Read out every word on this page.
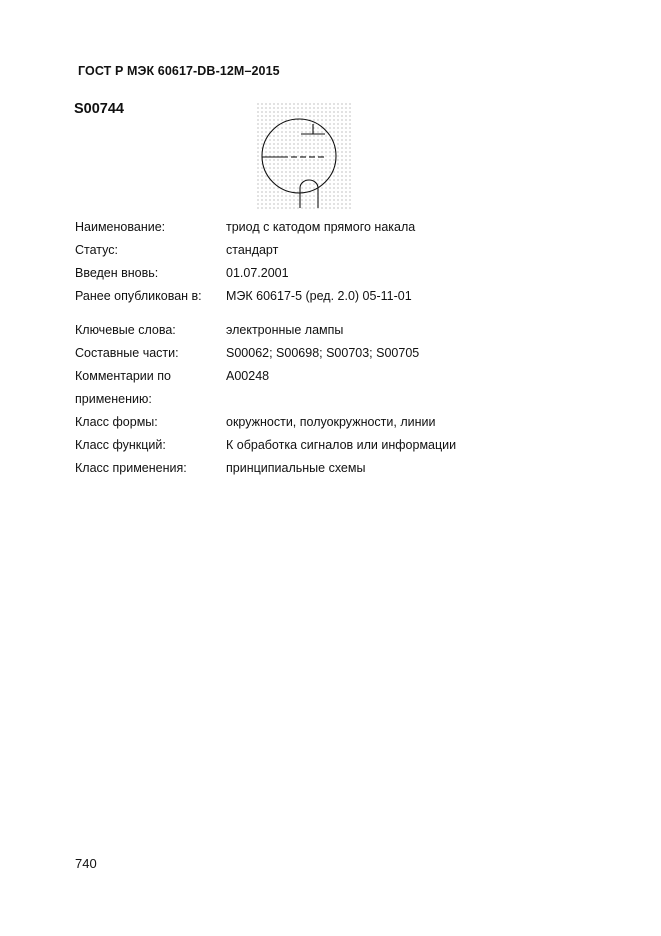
ГОСТ Р МЭК 60617-DB-12M–2015
S00744
Наименование:	триод с катодом прямого накала
Статус:	стандарт
Введен вновь:	01.07.2001
Ранее опубликован в: МЭК 60617-5 (ред. 2.0) 05-11-01
Ключевые слова:	электронные лампы
Составные части:	S00062; S00698; S00703; S00705
Комментарии по	A00248
применению:
Класс формы:	окружности, полуокружности, линии
Класс функций:	К обработка сигналов или информации
Класс применения:	принципиальные схемы
740
